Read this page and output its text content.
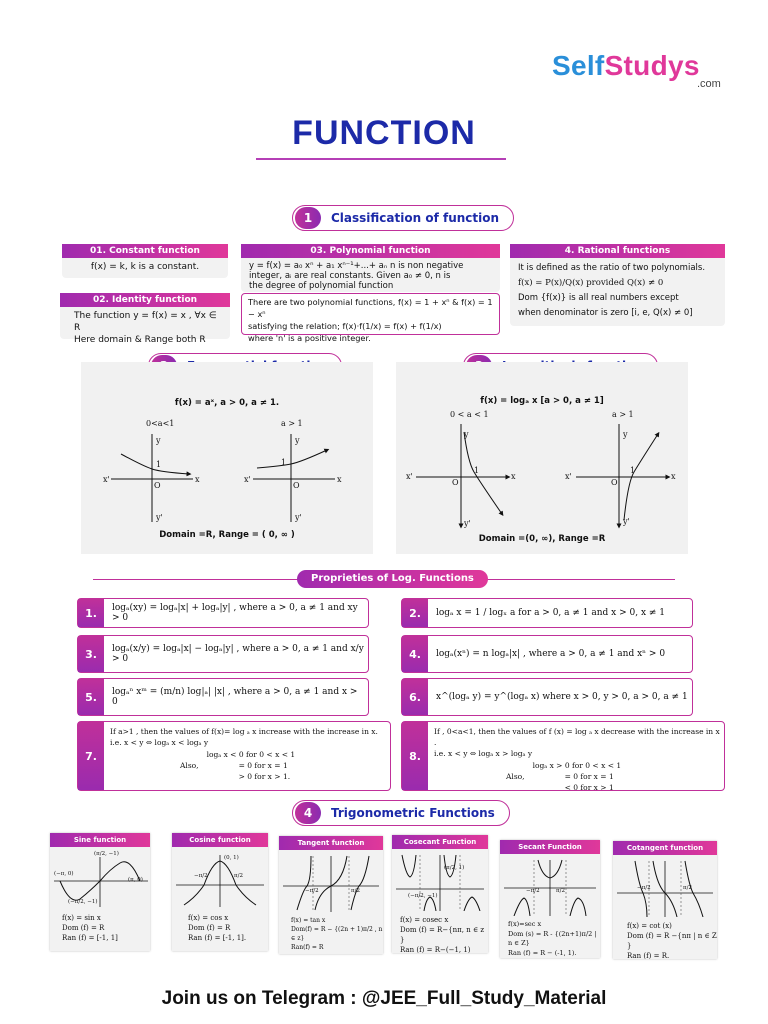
SelfStudys
.com
FUNCTION
1	Classification of function
01. Constant function
f(x) = k, k is a constant.
02. Identity function
The function y = f(x) = x , ∀x ∈ R
Here domain & Range both R
03. Polynomial function
y = f(x) = a₀ xⁿ + a₁ xⁿ⁻¹+...+ aₙ n is non negative
integer, aᵢ are real constants. Given a₀ ≠ 0, n is
the degree of polynomial function
There are two polynomial functions, f(x) = 1 + xⁿ & f(x) = 1 − xⁿ
satisfying the relation; f(x)·f(1/x) = f(x) + f(1/x)
where 'n' is a positive integer.
4. Rational functions
It is defined as the ratio of two polynomials.
f(x) = P(x)/Q(x) provided Q(x) ≠ 0
Dom {f(x)} is all real numbers except
when denominator is zero [i, e, Q(x) ≠ 0]
f(x) = aˣ, a > 0, a ≠ 1.
0<a<1	a > 1
x'	x
y
y'
O
1
x'	x
y
y'
O
1
Domain =R, Range = ( 0, ∞ )
f(x) = logₐ x [a > 0, a ≠ 1]
0 < a < 1	a > 1
x'	x
y
y'
O
1
x'	x
y
y'
O
1
Domain =(0, ∞), Range =R
Proprieties of Log. Functions
1.	logₐ(xy) = logₐ|x| + logₐ|y| , where a > 0, a ≠ 1 and xy > 0	2.	logₐ x = 1 / logₓ a for a > 0, a ≠ 1 and x > 0, x ≠ 1
3.	logₐ(x/y) = logₐ|x| − logₐ|y| , where a > 0, a ≠ 1 and x/y > 0	4.	logₐ(xⁿ) = n logₐ|x| , where a > 0, a ≠ 1 and xⁿ > 0
5.	logₐⁿ xᵐ = (m/n) log|ₐ| |x| , where a > 0, a ≠ 1 and x > 0	6.	x^(logₐ y) = y^(logₐ x) where x > 0, y > 0, a > 0, a ≠ 1
7.
If a>1 , then the values of f(x)= log ₐ x increase with the increase in x.
i.e. x < y ⇔ logₐ x < logₐ y
Also,
logₐ x < 0 for 0 < x < 1
= 0 for x = 1
> 0 for x > 1.
8.
If , 0<a<1, then the values of f (x) = log ₐ x decrease with the increase in x .
i.e. x < y ⇔ logₐ x > logₐ y
Also,
logₐ x > 0 for 0 < x < 1
= 0 for x = 1
< 0 for x > 1
4	Trigonometric Functions
Sine function
(π/2, −1)
(−π, 0)
(π, 0)
(−π/2, −1)
f(x) = sin x
Dom (f) = R
Ran (f) = [-1, 1]
Cosine function
(0, 1)
−π/2	π/2
f(x) = cos x
Dom (f) = R
Ran (f) = [-1, 1].
Tangent function
−π/2	π/2
f(x) = tan x
Dom(f) = R − {(2n + 1)π/2 , n ∈ z}
Ran(f) = R
Cosecant Function
(π/2, 1)
(−π/2, −1)
f(x) = cosec x
Dom (f) = R−{nπ, n ∈ z }
Ran (f) = R−(−1, 1)
Secant Function
π/2
−π/2
f(x)=sec x
Dom (s) = R - {(2n+1)π/2 | n ∈ Z}
Ran (f) = R − (-1, 1).
Cotangent function
−π/2	π/2
f(x) = cot (x)
Dom (f) = R −{nπ | n ∈ Z }
Ran (f) = R.
Join us on Telegram : @JEE_Full_Study_Material
